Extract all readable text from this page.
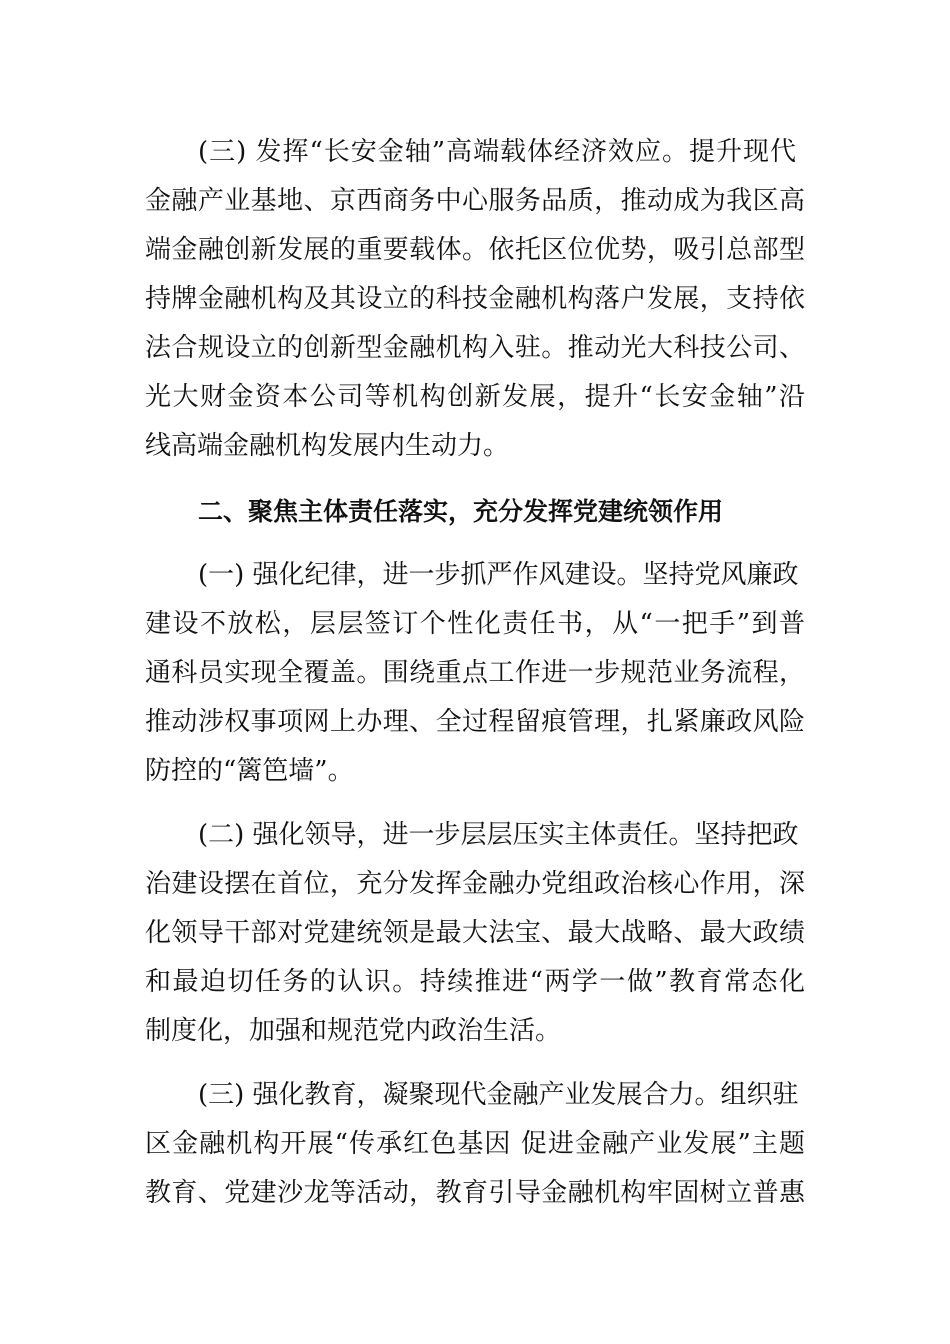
(三) 发挥“长安金轴”高端载体经济效应。提升现代
金融产业基地、京西商务中心服务品质，推动成为我区高
端金融创新发展的重要载体。依托区位优势，吸引总部型
持牌金融机构及其设立的科技金融机构落户发展，支持依
法合规设立的创新型金融机构入驻。推动光大科技公司、
光大财金资本公司等机构创新发展，提升“长安金轴”沿
线高端金融机构发展内生动力。
二、聚焦主体责任落实，充分发挥党建统领作用
(一) 强化纪律，进一步抓严作风建设。坚持党风廉政
建设不放松，层层签订个性化责任书，从“一把手”到普
通科员实现全覆盖。围绕重点工作进一步规范业务流程，
推动涉权事项网上办理、全过程留痕管理，扎紧廉政风险
防控的“篱笆墙”。
(二) 强化领导，进一步层层压实主体责任。坚持把政
治建设摆在首位，充分发挥金融办党组政治核心作用，深
化领导干部对党建统领是最大法宝、最大战略、最大政绩
和最迫切任务的认识。持续推进“两学一做”教育常态化
制度化，加强和规范党内政治生活。
(三) 强化教育，凝聚现代金融产业发展合力。组织驻
区金融机构开展“传承红色基因 促进金融产业发展”主题
教育、党建沙龙等活动，教育引导金融机构牢固树立普惠
